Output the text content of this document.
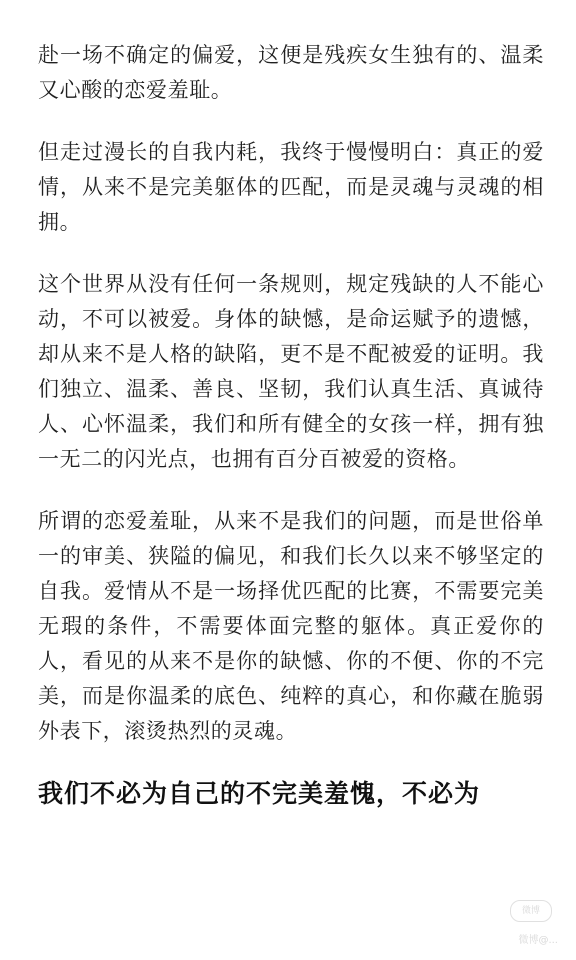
赴一场不确定的偏爱，这便是残疾女生独有的、温柔又心酸的恋爱羞耻。

但走过漫长的自我内耗，我终于慢慢明白：真正的爱情，从来不是完美躯体的匹配，而是灵魂与灵魂的相拥。

这个世界从没有任何一条规则，规定残缺的人不能心动，不可以被爱。身体的缺憾，是命运赋予的遗憾，却从来不是人格的缺陷，更不是不配被爱的证明。我们独立、温柔、善良、坚韧，我们认真生活、真诚待人、心怀温柔，我们和所有健全的女孩一样，拥有独一无二的闪光点，也拥有百分百被爱的资格。

所谓的恋爱羞耻，从来不是我们的问题，而是世俗单一的审美、狭隘的偏见，和我们长久以来不够坚定的自我。爱情从不是一场择优匹配的比赛，不需要完美无瑕的条件，不需要体面完整的躯体。真正爱你的人，看见的从来不是你的缺憾、你的不便、你的不完美，而是你温柔的底色、纯粹的真心，和你藏在脆弱外表下，滚烫热烈的灵魂。

我们不必为自己的不完美羞愧，不必为
微博
微博@...
